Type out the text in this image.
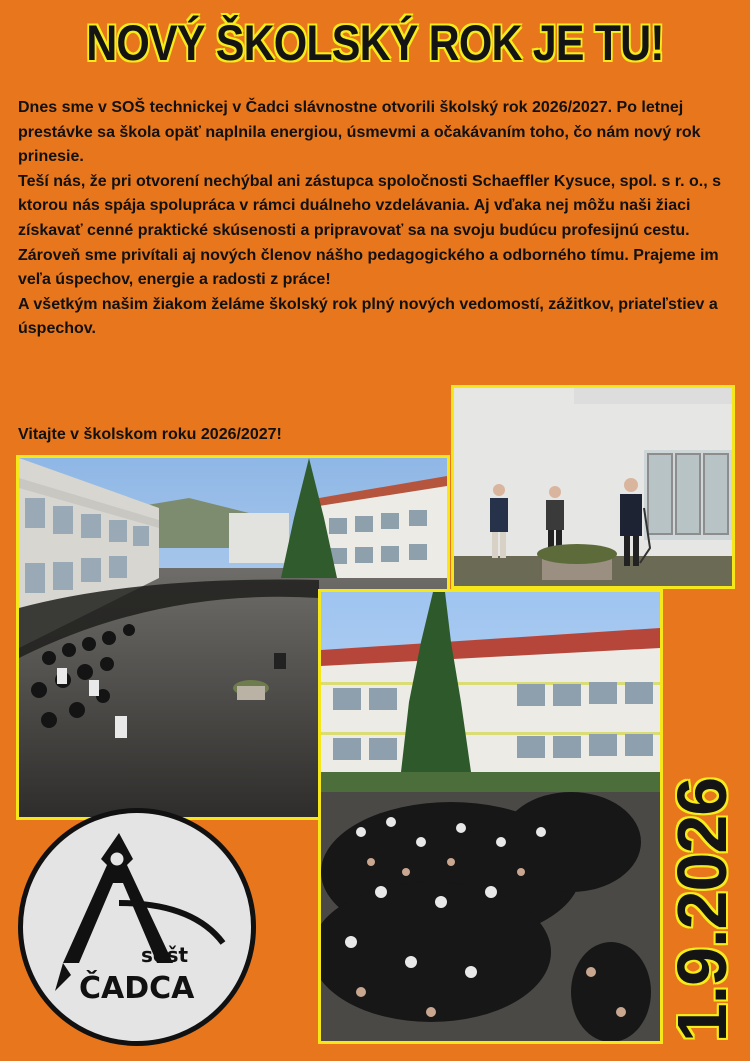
NOVÝ ŠKOLSKÝ ROK JE TU!

Dnes sme v SOŠ technickej v Čadci slávnostne otvorili školský rok 2026/2027. Po letnej prestávke sa škola opäť naplnila energiou, úsmevmi a očakávaním toho, čo nám nový rok prinesie.

Teší nás, že pri otvorení nechýbal ani zástupca spoločnosti Schaeffler Kysuce, spol. s r. o., s ktorou nás spája spolupráca v rámci duálneho vzdelávania. Aj vďaka nej môžu naši žiaci získavať cenné praktické skúsenosti a pripravovať sa na svoju budúcu profesijnú cestu.

Zároveň sme privítali aj nových členov nášho pedagogického a odborného tímu. Prajeme im veľa úspechov, energie a radosti z práce!

A všetkým našim žiakom želáme školský rok plný nových vedomostí, zážitkov, priateľstiev a úspechov.

Vitajte v školskom roku 2026/2027!
1.9.2026
sošt
ČADCA
